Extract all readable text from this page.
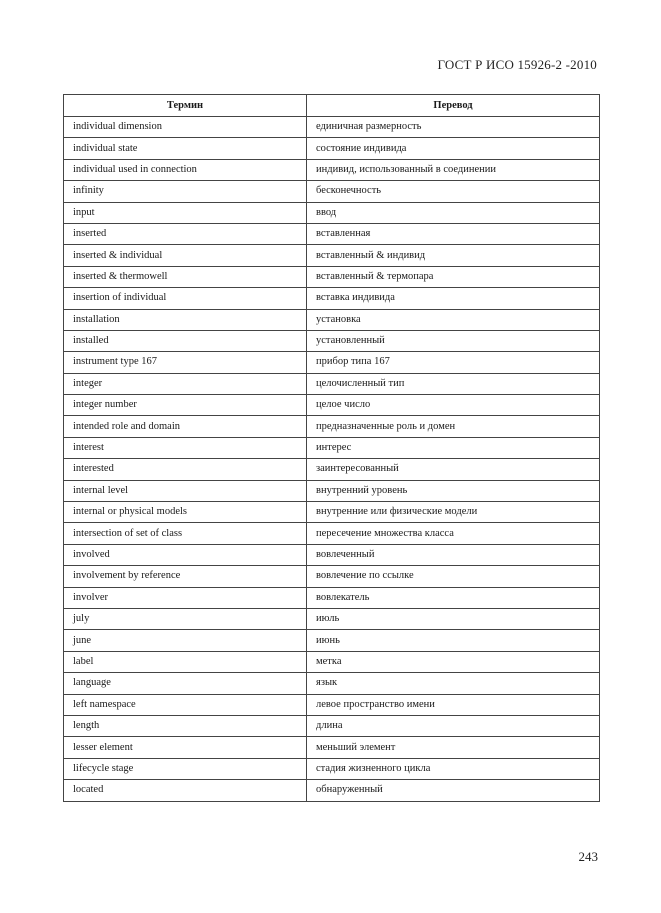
ГОСТ Р ИСО 15926-2 -2010
Термин	Перевод
individual dimension	единичная размерность
individual state	состояние индивида
individual used in connection	индивид, использованный в соединении
infinity	бесконечность
input	ввод
inserted	вставленная
inserted & individual	вставленный & индивид
inserted & thermowell	вставленный & термопара
insertion of individual	вставка индивида
installation	установка
installed	установленный
instrument type 167	прибор типа 167
integer	целочисленный тип
integer number	целое число
intended role and domain	предназначенные роль и домен
interest	интерес
interested	заинтересованный
internal level	внутренний уровень
internal or physical models	внутренние или физические модели
intersection of set of class	пересечение множества класса
involved	вовлеченный
involvement by reference	вовлечение по ссылке
involver	вовлекатель
july	июль
june	июнь
label	метка
language	язык
left namespace	левое пространство имени
length	длина
lesser element	меньший элемент
lifecycle stage	стадия жизненного цикла
located	обнаруженный
243
